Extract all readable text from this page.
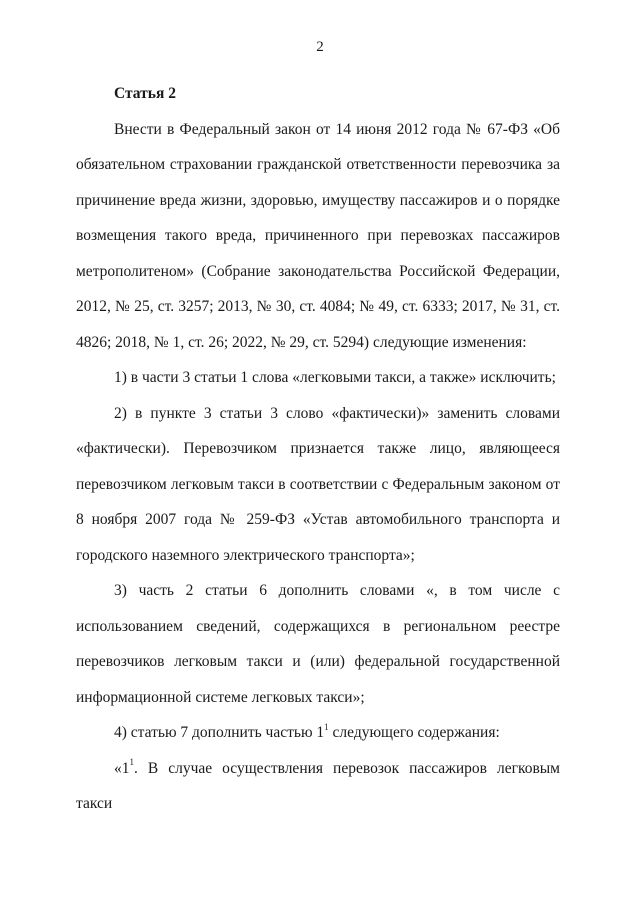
2

Статья 2

Внести в Федеральный закон от 14 июня 2012 года № 67-ФЗ «Об обязательном страховании гражданской ответственности перевозчика за причинение вреда жизни, здоровью, имуществу пассажиров и о порядке возмещения такого вреда, причиненного при перевозках пассажиров метрополитеном» (Собрание законодательства Российской Федерации, 2012, № 25, ст. 3257; 2013, № 30, ст. 4084; № 49, ст. 6333; 2017, № 31, ст. 4826; 2018, № 1, ст. 26; 2022, № 29, ст. 5294) следующие изменения:

1) в части 3 статьи 1 слова «легковыми такси, а также» исключить;

2) в пункте 3 статьи 3 слово «фактически)» заменить словами «фактически). Перевозчиком признается также лицо, являющееся перевозчиком легковым такси в соответствии с Федеральным законом от 8 ноября 2007 года № 259-ФЗ «Устав автомобильного транспорта и городского наземного электрического транспорта»;

3) часть 2 статьи 6 дополнить словами «, в том числе с использованием сведений, содержащихся в региональном реестре перевозчиков легковым такси и (или) федеральной государственной информационной системе легковых такси»;

4) статью 7 дополнить частью $1^1$ следующего содержания:

«$1^1$. В случае осуществления перевозок пассажиров легковым такси
